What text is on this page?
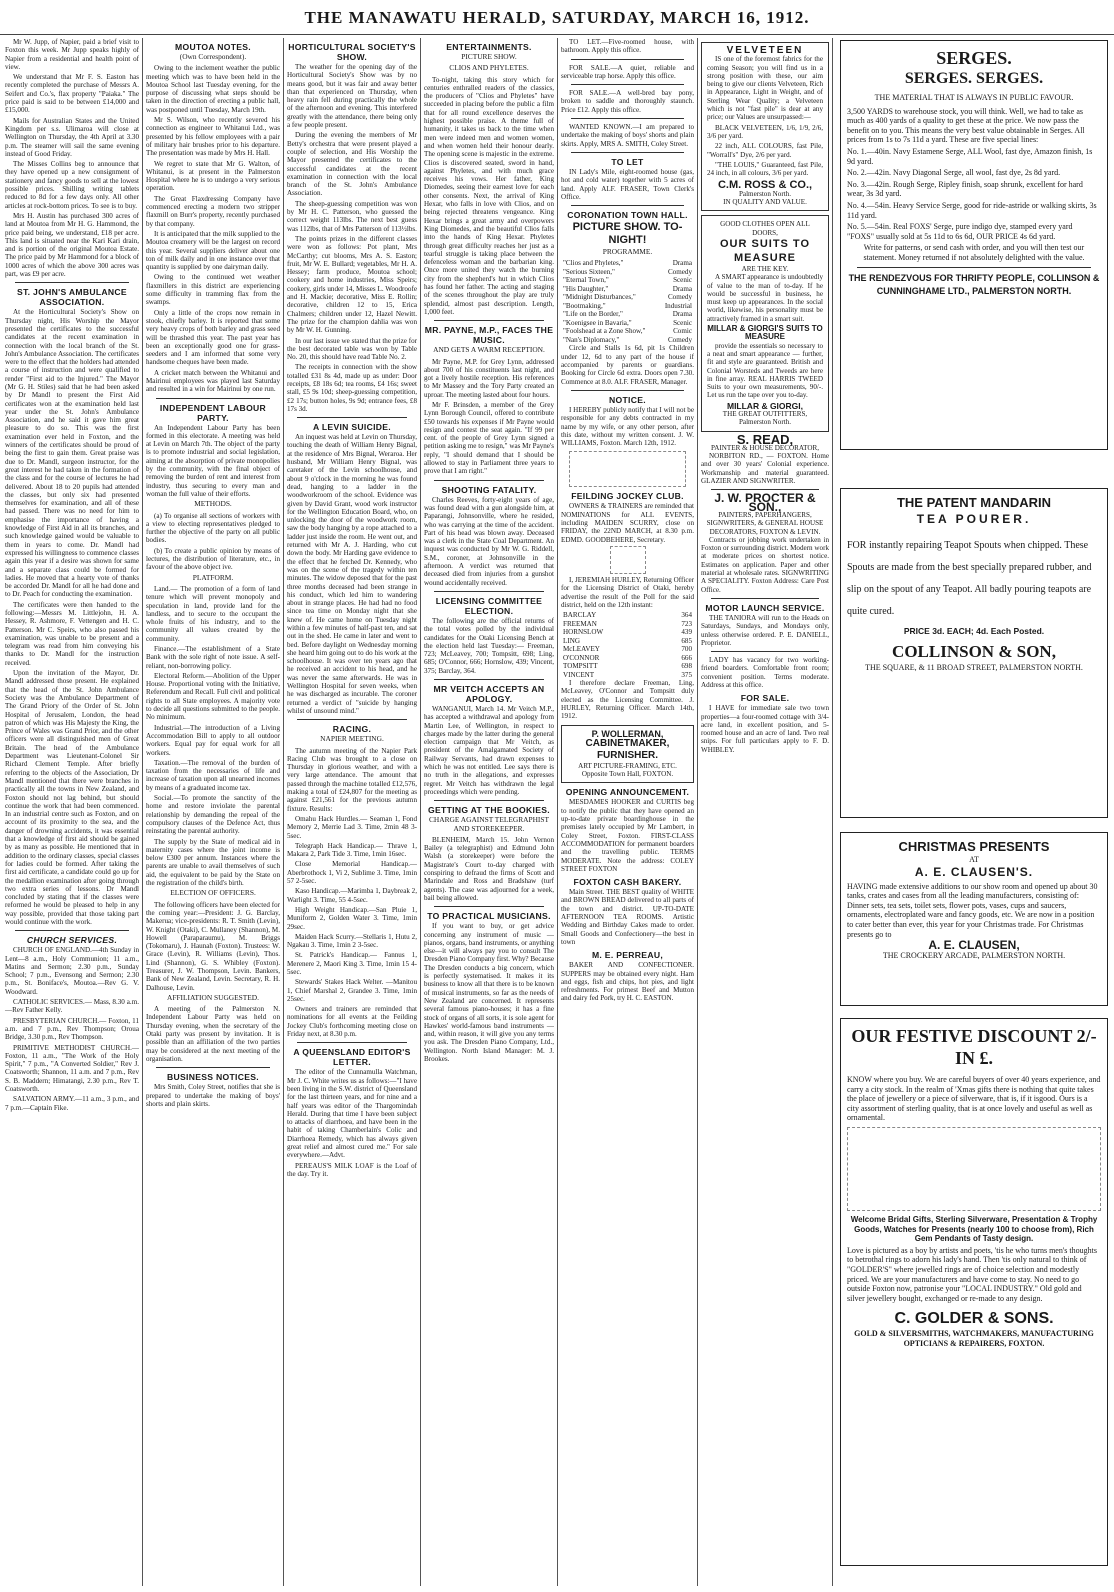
THE MANAWATU HERALD, SATURDAY, MARCH 16, 1912.

Mr W. Jupp, of Napier, paid a brief visit to Foxton this week. Mr Jupp speaks highly of Napier from a residential and health point of view.

We understand that Mr F. S. Easton has recently completed the purchase of Messrs A. Seifert and Co.'s, flax property "Paiaka." The price paid is said to be between £14,000 and £15,000.

Mails for Australian States and the United Kingdom per s.s. Ulimaroa will close at Wellington on Thursday, the 4th April at 3.30 p.m. The steamer will sail the same evening instead of Good Friday.

The Misses Collins beg to announce that they have opened up a new consignment of stationery and fancy goods to sell at the lowest possible prices. Shilling writing tablets reduced to 8d for a few days only. All other articles at rock-bottom prices. To see is to buy.

Mrs H. Austin has purchased 300 acres of land at Moutoa from Mr H. G. Hammond, the price paid being, we understand, £18 per acre. This land is situated near the Kari Kari drain, and is portion of the original Moutoa Estate. The price paid by Mr Hammond for a block of 1000 acres of which the above 300 acres was part, was £9 per acre.

ST. JOHN'S AMBULANCE ASSOCIATION.

At the Horticultural Society's Show on Thursday night, His Worship the Mayor presented the certificates to the successful candidates at the recent examination in connection with the local branch of the St. John's Ambulance Association. The certificates were to the effect that the holders had attended a course of instruction and were qualified to render "First aid to the Injured." The Mayor (Mr G. H. Stiles) said that he had been asked by Dr Mandl to present the First Aid certificates won at the examination held last year under the St. John's Ambulance Association, and he said it gave him great pleasure to do so. This was the first examination ever held in Foxton, and the winners of the certificates should be proud of being the first to gain them. Great praise was due to Dr. Mandl, surgeon instructor, for the great interest he had taken in the formation of the class and for the course of lectures he had delivered. About 18 to 20 pupils had attended the classes, but only six had presented themselves for examination, and all of these had passed. There was no need for him to emphasise the importance of having a knowledge of First Aid in all its branches, and such knowledge gained would be valuable to them in years to come. Dr. Mandl had expressed his willingness to commence classes again this year if a desire was shown for same and a separate class could be formed for ladies. He moved that a hearty vote of thanks be accorded Dr. Mandl for all he had done and to Dr. Peach for conducting the examination.

The certificates were then handed to the following:—Messrs M. Littlejohn, H. A. Hessey, R. Ashmore, F. Vettengen and H. C. Patterson. Mr C. Speirs, who also passed his examination, was unable to be present and a telegram was read from him conveying his thanks to Dr. Mandl for the instruction received.

Upon the invitation of the Mayor, Dr. Mandl addressed those present. He explained that the head of the St. John Ambulance Society was the Ambulance Department of The Grand Priory of the Order of St. John Hospital of Jerusalem, London, the head patron of which was His Majesty the King, the Prince of Wales was Grand Prior, and the other officers were all distinguished men of Great Britain. The head of the Ambulance Department was Lieutenant-Colonel Sir Richard Clement Temple. After briefly referring to the objects of the Association, Dr Mandl mentioned that there were branches in practically all the towns in New Zealand, and Foxton should not lag behind, but should continue the work that had been commenced. In an industrial centre such as Foxton, and on account of its proximity to the sea, and the danger of drowning accidents, it was essential that a knowledge of first aid should be gained by as many as possible. He mentioned that in addition to the ordinary classes, special classes for ladies could be formed. After taking the first aid certificate, a candidate could go up for the medallion examination after going through two extra series of lessons. Dr Mandl concluded by stating that if the classes were reformed he would be pleased to help in any way possible, provided that those taking part would continue with the work.

CHURCH SERVICES.

CHURCH OF ENGLAND.—4th Sunday in Lent—8 a.m., Holy Communion; 11 a.m., Matins and Sermon; 2.30 p.m., Sunday School; 7 p.m., Evensong and Sermon; 2.30 p.m., St. Boniface's, Moutoa.—Rev G. V. Woodward.

CATHOLIC SERVICES.— Mass, 8.30 a.m.—Rev Father Kelly.

PRESBYTERIAN CHURCH.— Foxton, 11 a.m. and 7 p.m., Rev Thompson; Oroua Bridge, 3.30 p.m., Rev Thompson.

PRIMITIVE METHODIST CHURCH.— Foxton, 11 a.m., "The Work of the Holy Spirit," 7 p.m., "A Converted Soldier," Rev J. Coatsworth; Shannon, 11 a.m. and 7 p.m., Rev S. B. Maddern; Himatangi, 2.30 p.m., Rev T. Coatsworth.

SALVATION ARMY.—11 a.m., 3 p.m., and 7 p.m.—Captain Fike.

MOUTOA NOTES.
(Own Correspondent).

Owing to the inclement weather the public meeting which was to have been held in the Moutoa School last Tuesday evening, for the purpose of discussing what steps should be taken in the direction of erecting a public hall, was postponed until Tuesday, March 19th.

Mr S. Wilson, who recently severed his connection as engineer to Whitanui Ltd., was presented by his fellow employees with a pair of military hair brushes prior to his departure. The presentation was made by Mrs H. Hall.

We regret to state that Mr G. Walton, of Whitanui, is at present in the Palmerston Hospital where he is to undergo a very serious operation.

The Great Flaxdressing Company have commenced erecting a modern two stripper flaxmill on Burr's property, recently purchased by that company.

It is anticipated that the milk supplied to the Moutoa creamery will be the largest on record this year. Several suppliers deliver about one ton of milk daily and in one instance over that quantity is supplied by one dairyman daily.

Owing to the continued wet weather flaxmillers in this district are experiencing some difficulty in tramming flax from the swamps.

Only a little of the crops now remain in stook, chiefly barley. It is reported that some very heavy crops of both barley and grass seed will be thrashed this year. The past year has been an exceptionally good one for grass-seeders and I am informed that some very handsome cheques have been made.

A cricket match between the Whitanui and Mairinui employees was played last Saturday and resulted in a win for Mairinui by one run.

INDEPENDENT LABOUR PARTY.

An Independent Labour Party has been formed in this electorate. A meeting was held at Levin on March 7th. The object of the party is to promote industrial and social legislation, aiming at the absorption of private monopolies by the community, with the final object of removing the burden of rent and interest from industry, thus securing to every man and woman the full value of their efforts.

METHODS.

(a) To organise all sections of workers with a view to electing representatives pledged to further the objective of the party on all public bodies.

(b) To create a public opinion by means of lectures, the distribution of literature, etc., in favour of the above object ive.

PLATFORM.

Land.— The promotion of a form of land tenure which will prevent monopoly and speculation in land, provide land for the landless, and to secure to the occupant the whole fruits of his industry, and to the community all values created by the community.

Finance.—The establishment of a State Bank with the sole right of note issue. A self-reliant, non-borrowing policy.

Electoral Reform.—Abolition of the Upper House. Proportional voting with the Initiative, Referendum and Recall. Full civil and political rights to all State employees. A majority vote to decide all questions submitted to the people. No minimum.

Industrial.—The introduction of a Living Accommodation Bill to apply to all outdoor workers. Equal pay for equal work for all workers.

Taxation.—The removal of the burden of taxation from the necessaries of life and increase of taxation upon all unearned incomes by means of a graduated income tax.

Social.—To promote the sanctity of the home and restore inviolate the parental relationship by demanding the repeal of the compulsory clauses of the Defence Act, thus reinstating the parental authority.

The supply by the State of medical aid in maternity cases where the joint income is below £300 per annum. Instances where the parents are unable to avail themselves of such aid, the equivalent to be paid by the State on the registration of the child's birth.

ELECTION OF OFFICERS.

The following officers have been elected for the coming year:—President: J. G. Barclay, Makerua; vice-presidents: R. T. Smith (Levin), W. Knight (Otaki), C. Mullaney (Shannon), M. Howell (Paraparaumu), M. Briggs (Tokomaru), J. Haunah (Foxton). Trustees: W. Grace (Levin), R. Williams (Levin), Thos. Lind (Shannon), G. S. Whibley (Foxton). Treasurer, J. W. Thompson, Levin. Bankers, Bank of New Zealand, Levin. Secretary, R. H. Dalhouse, Levin.

AFFILIATION SUGGESTED.

A meeting of the Palmerston N. Independent Labour Party was held on Thursday evening, when the secretary of the Otaki party was present by invitation. It is possible than an affiliation of the two parties may be considered at the next meeting of the organisation.

BUSINESS NOTICES.

Mrs Smith, Coley Street, notifies that she is prepared to undertake the making of boys' shorts and plain skirts.

HORTICULTURAL SOCIETY'S SHOW.

The weather for the opening day of the Horticultural Society's Show was by no means good, but it was fair and away better than that experienced on Thursday, when heavy rain fell during practically the whole of the afternoon and evening. This interfered greatly with the attendance, there being only a few people present.

During the evening the members of Mr Betty's orchestra that were present played a couple of selection, and His Worship the Mayor presented the certificates to the successful candidates at the recent examination in connection with the local branch of the St. John's Ambulance Association.

The sheep-guessing competition was won by Mr H. C. Patterson, who guessed the correct weight 113lbs. The next best guess was 112lbs, that of Mrs Patterson of 113½lbs.

The points prizes in the different classes were won as follows: Pot plant, Mrs McCarthy; cut blooms, Mrs A. S. Easton; fruit, Mr W. E. Bullard; vegetables, Mr H. A. Hessey; farm produce, Moutoa school; cookery and home industries, Miss Speirs; cookery, girls under 14, Misses L. Woodroofe and H. Mackie; decorative, Miss E. Rollin; decorative, children 12 to 15, Erica Chalmers; children under 12, Hazel Newitt. The prize for the champion dahlia was won by Mr W. H. Gunning.

In our last issue we stated that the prize for the best decorated table was won by Table No. 20, this should have read Table No. 2.

The receipts in connection with the show totalled £31 8s 4d, made up as under: Door receipts, £8 18s 6d; tea rooms, £4 16s; sweet stall, £5 9s 10d; sheep-guessing competition, £2 17s; button holes, 9s 9d; entrance fees, £8 17s 3d.

A LEVIN SUICIDE.

An inquest was held at Levin on Thursday, touching the death of William Henry Bignal, at the residence of Mrs Bignal, Weraroa. Her husband, Mr William Henry Bignal, was caretaker of the Levin schoolhouse, and about 9 o'clock in the morning he was found dead, hanging to a ladder in the woodworkroom of the school. Evidence was given by David Grant, wood work instructor for the Wellington Education Board, who, on unlocking the door of the woodwork room, saw the body hanging by a rope attached to a ladder just inside the room. He went out, and returned with Mr A. J. Harding, who cut down the body. Mr Harding gave evidence to the effect that he fetched Dr. Kennedy, who was on the scene of the tragedy within ten minutes. The widow deposed that for the past three months deceased had been strange in his conduct, which led him to wandering about in strange places. He had had no food since tea time on Monday night that she knew of. He came home on Tuesday night within a few minutes of half-past ten, and sat out in the shed. He came in later and went to bed. Before daylight on Wednesday morning she heard him going out to do his work at the schoolhouse. It was over ten years ago that he received an accident to his head, and he was never the same afterwards. He was in Wellington Hospital for seven weeks, when he was discharged as incurable. The coroner returned a verdict of "suicide by hanging whilst of unsound mind."

RACING.
NAPIER MEETING.

The autumn meeting of the Napier Park Racing Club was brought to a close on Thursday in glorious weather, and with a very large attendance. The amount that passed through the machine totalled £12,576, making a total of £24,807 for the meeting as against £21,561 for the previous autumn fixture. Results:

Omahu Hack Hurdles.— Seaman 1, Fond Memory 2, Merrie Lad 3. Time, 2min 48 3-5sec.

Telegraph Hack Handicap.— Thrave 1, Makara 2, Park Tide 3. Time, 1min 16sec.

Close Memorial Handicap.— Aberbrothock 1, Vi 2, Sublime 3. Time, 1min 57 2-5sec.

Kaso Handicap.—Marimba 1, Daybreak 2, Warlight 3. Time, 55 4-5sec.

High Weight Handicap.—San Pluie 1, Muniform 2, Golden Water 3. Time, 1min 29sec.

Maiden Hack Scurry.—Stellaris 1, Hutu 2, Ngakau 3. Time, 1min 2 3-5sec.

St. Patrick's Handicap.— Fannus 1, Merenere 2, Maori King 3. Time, 1min 15 4-5sec.

Stewards' Stakes Hack Welter. —Manitou 1, Chief Marshal 2, Grandee 3. Time, 1min 25sec.

Owners and trainers are reminded that nominations for all events at the Feilding Jockey Club's forthcoming meeting close on Friday next, at 8.30 p.m.

A QUEENSLAND EDITOR'S LETTER.

The editor of the Cunnamulla Watchman, Mr J. C. White writes us as follows:—"I have been living in the S.W. district of Queensland for the last thirteen years, and for nine and a half years was editor of the Thargomindah Herald. During that time I have been subject to attacks of diarrhoea, and have been in the habit of taking Chamberlain's Colic and Diarrhoea Remedy, which has always given great relief and almost cured me." For sale everywhere.—Advt.

PEREAUS'S MILK LOAF is the Loaf of the day. Try it.

ENTERTAINMENTS.
PICTURE SHOW.
CLIOS AND PHYLETES.

To-night, taking this story which for centuries enthralled readers of the classics, the producers of "Clios and Phyletes" have succeeded in placing before the public a film that for all round excellence deserves the highest possible praise. A theme full of humanity, it takes us back to the time when men were indeed men and women women, and when women held their honour dearly. The opening scene is majestic in the extreme. Clios is discovered seated, sword in hand, against Phyletes, and with much grace receives his vows. Her father, King Diomedes, seeing their earnest love for each other consents. Next, the arrival of King Hexar, who falls in love with Clios, and on being rejected threatens vengeance. King Hexar brings a great army and overpowers King Diomedes, and the beautiful Clios falls into the hands of King Hexar. Phyletes through great difficulty reaches her just as a tearful struggle is taking place between the defenceless woman and the barbarian king. Once more united they watch the burning city from the shepherd's hut in which Clios has found her father. The acting and staging of the scenes throughout the play are truly splendid, almost past description. Length, 1,000 feet.

MR. PAYNE, M.P., FACES THE MUSIC.
AND GETS A WARM RECEPTION.

Mr Payne, M.P. for Grey Lynn, addressed about 700 of his constituents last night, and got a lively hostile reception. His references to Mr Massey and the Tory Party created an uproar. The meeting lasted about four hours.

Mr F. Brinsden, a member of the Grey Lynn Borough Council, offered to contribute £50 towards his expenses if Mr Payne would resign and contest the seat again. "If 99 per cent. of the people of Grey Lynn signed a petition asking me to resign," was Mr Payne's reply, "I should demand that I should be allowed to stay in Parliament three years to prove that I am right."

SHOOTING FATALITY.

Charles Reeves, forty-eight years of age, was found dead with a gun alongside him, at Paparangi, Johnsonville, where he resided, who was carrying at the time of the accident. Part of his head was blown away. Deceased was a clerk in the State Coal Department. An inquest was conducted by Mr W. G. Riddell, S.M., coroner, at Johnsonville in the afternoon. A verdict was returned that deceased died from injuries from a gunshot wound accidentally received.

LICENSING COMMITTEE ELECTION.

The following are the official returns of the total votes polled by the individual candidates for the Otaki Licensing Bench at the election held last Tuesday:— Freeman, 723; McLeavey, 700; Tompsitt, 698; Ling, 685; O'Connor, 666; Hornslow, 439; Vincent, 375; Barclay, 364.

MR VEITCH ACCEPTS AN APOLOGY.

WANGANUI, March 14. Mr Veitch M.P., has accepted a withdrawal and apology from Martin Lee, of Wellington, in respect to charges made by the latter during the general election campaign that Mr Veitch, as president of the Amalgamated Society of Railway Servants, had drawn expenses to which he was not entitled. Lee says there is no truth in the allegations, and expresses regret. Mr Veitch has withdrawn the legal proceedings which were pending.

GETTING AT THE BOOKIES.
CHARGE AGAINST TELEGRAPHIST AND STOREKEEPER.

BLENHEIM, March 15. John Vernon Bailey (a telegraphist) and Edmund John Walsh (a storekeeper) were before the Magistrate's Court to-day charged with conspiring to defraud the firms of Scott and Marindale and Ross and Bradshaw (turf agents). The case was adjourned for a week, bail being allowed.

TO PRACTICAL MUSICIANS.

If you want to buy, or get advice concerning any instrument of music —pianos, organs, band instruments, or anything else—it will always pay you to consult The Dresden Piano Company first. Why? Because The Dresden conducts a big concern, which is perfectly systematised. It makes it its business to know all that there is to be known of musical instruments, so far as the needs of New Zealand are concerned. It represents several famous piano-houses; it has a fine stock of organs of all sorts, it is sole agent for Hawkes' world-famous band instruments — and, within reason, it will give you any terms you ask. The Dresden Piano Company, Ltd., Wellington. North Island Manager: M. J. Brookes.

TO LET.—Five-roomed house, with bathroom. Apply this office.

FOR SALE.—A quiet, reliable and serviceable trap horse. Apply this office.

FOR SALE.—A well-bred bay pony, broken to saddle and thoroughly staunch. Price £12. Apply this office.

WANTED KNOWN.—I am prepared to undertake the making of boys' shorts and plain skirts. Apply, MRS A. SMITH, Coley Street.

TO LET

IN Lady's Mile, eight-roomed house (gas, hot and cold water) together with 5 acres of land. Apply ALF. FRASER, Town Clerk's Office.

CORONATION TOWN HALL.
PICTURE SHOW. TO-NIGHT!
PROGRAMME.
"Clios and Phyletes,"	Drama
"Serious Sixteen,"	Comedy
"Eternal Town,"	Scenic
"His Daughter,"	Drama
"Midnight Disturbances,"	Comedy
"Bootmaking,"	Industrial
"Life on the Border,"	Drama
"Koenigsee in Bavaria,"	Scenic
"Foolshead at a Zone Show,"	Comic
"Nan's Diplomacy,"	Comedy

Circle and Stalls 1s 6d, pit 1s Children under 12, 6d to any part of the house if accompanied by parents or guardians. Booking for Circle 6d extra. Doors open 7.30. Commence at 8.0. ALF. FRASER, Manager.

NOTICE.

I HEREBY publicly notify that I will not be responsible for any debts contracted in my name by my wife, or any other person, after this date, without my written consent. J. W. WILLIAMS, Foxton. March 12th, 1912.

FEILDING JOCKEY CLUB.

OWNERS & TRAINERS are reminded that NOMINATIONS for ALL EVENTS, including MAIDEN SCURRY, close on FRIDAY, the 22ND MARCH, at 8.30 p.m. EDMD. GOODBEHERE, Secretary.

I, JEREMIAH HURLEY, Returning Officer for the Licensing District of Otaki, hereby advertise the result of the Poll for the said district, held on the 12th instant:

BARCLAY	364
FREEMAN	723
HORNSLOW	439
LING	685
McLEAVEY	700
O'CONNOR	666
TOMPSITT	698
VINCENT	375

I therefore declare Freeman, Ling, McLeavey, O'Connor and Tompsitt duly elected as the Licensing Committee. J. HURLEY, Returning Officer. March 14th, 1912.

P. WOLLERMAN,
CABINETMAKER, FURNISHER.
ART PICTURE-FRAMING, ETC. Opposite Town Hall, FOXTON.
OPENING ANNOUNCEMENT.

MESDAMES HOOKER and CURTIS beg to notify the public that they have opened an up-to-date private boardinghouse in the premises lately occupied by Mr Lambert, in Coley Street, Foxton. FIRST-CLASS ACCOMMODATION for permanent boarders and the travelling public. TERMS MODERATE. Note the address: COLEY STREET FOXTON

FOXTON CASH BAKERY.

Main Street. THE BEST quality of WHITE and BROWN BREAD delivered to all parts of the town and district. UP-TO-DATE AFTERNOON TEA ROOMS. Artistic Wedding and Birthday Cakes made to order. Small Goods and Confectionery—the best in town

M. E. PERREAU,

BAKER AND CONFECTIONER. SUPPERS may be obtained every night. Ham and eggs, fish and chips, hot pies, and light refreshments. For primest Beef and Mutton and dairy fed Pork, try H. C. EASTON.

VELVETEEN

IS one of the foremost fabrics for the coming Season; you will find us in a strong position with these, our aim being to give our clients Velveteen, Rich in Appearance, Light in Weight, and of Sterling Wear Quality; a Velveteen which is not "fast pile" is dear at any price; our Values are unsurpassed:—

BLACK VELVETEEN, 1/6, 1/9, 2/6, 3/6 per yard.

22 inch, ALL COLOURS, fast Pile, "Worrall's" Dye, 2/6 per yard.

"THE LOUIS," Guaranteed, fast Pile, 24 inch, in all colours, 3/6 per yard.

C.M. ROSS & CO.,
Palmerston North.
IN QUALITY AND VALUE.
GOOD CLOTHES OPEN ALL DOORS,
OUR SUITS TO MEASURE
ARE THE KEY.

A SMART appearance is undoubtedly of value to the man of to-day. If he would be successful in business, he must keep up appearances. In the social world, likewise, his personality must be attractively framed in a smart suit.

MILLAR & GIORGI'S SUITS TO MEASURE

provide the essentials so necessary to a neat and smart appearance — further, fit and style are guaranteed. British and Colonial Worsteds and Tweeds are here in fine array. REAL HARRIS TWEED Suits to your own measurements, 90/-. Let us run the tape over you to-day.

MILLAR & GIORGI,
THE GREAT OUTFITTERS, Palmerston North.
S. READ,
PAINTER & HOUSE DECORATOR,

NORBITON RD., — FOXTON. Home and over 30 years' Colonial experience. Workmanship and material guaranteed. GLAZIER AND SIGNWRITER.

J. W. PROCTER & SON.,
PAINTERS, PAPERHANGERS, SIGNWRITERS, & GENERAL HOUSE DECORATORS, FOXTON & LEVIN.

Contracts or jobbing work undertaken in Foxton or surrounding district. Modern work at moderate prices on shortest notice. Estimates on application. Paper and other material at wholesale rates. SIGNWRITING A SPECIALITY. Foxton Address: Care Post Office.

MOTOR LAUNCH SERVICE.

THE TANIORA will run to the Heads on Saturdays, Sundays, and Mondays only, unless otherwise ordered. P. E. DANIELL, Proprietor.

LADY has vacancy for two working-friend boarders. Comfortable front room; convenient position. Terms moderate. Address at this office.

FOR SALE.

I HAVE for immediate sale two town properties—a four-roomed cottage with 3/4-acre land, in excellent position, and 5-roomed house and an acre of land. Two real snips. For full particulars apply to F. D. WHIBLEY.

SERGES.
SERGES. SERGES.
THE MATERIAL THAT IS ALWAYS IN PUBLIC FAVOUR.

3,500 YARDS to warehouse stock, you will think. Well, we had to take as much as 400 yards of a quality to get these at the price. We now pass the benefit on to you. This means the very best value obtainable in Serges. All prices from 1s to 7s 11d a yard. These are five special lines:

No. 1.—40in. Navy Estamene Serge, ALL Wool, fast dye, Amazon finish, 1s 9d yard.

No. 2.—42in. Navy Diagonal Serge, all wool, fast dye, 2s 8d yard.

No. 3.—42in. Rough Serge, Ripley finish, soap shrunk, excellent for hard wear, 3s 3d yard.

No. 4.—54in. Heavy Service Serge, good for ride-astride or walking skirts, 3s 11d yard.

No. 5.—54in. Real FOXS' Serge, pure indigo dye, stamped every yard "FOXS" usually sold at 5s 11d to 6s 6d, OUR PRICE 4s 6d yard.

Write for patterns, or send cash with order, and you will then test our statement. Money returned if not absolutely delighted with the value.

THE RENDEZVOUS FOR THRIFTY PEOPLE, COLLINSON & CUNNINGHAME LTD., PALMERSTON NORTH.
THE PATENT MANDARIN
TEA POURER.

FOR instantly repairing Teapot Spouts when chipped. These Spouts are made from the best specially prepared rubber, and slip on the spout of any Teapot. All badly pouring teapots are quite cured.

PRICE 3d. EACH; 4d. Each Posted.
COLLINSON & SON,
THE SQUARE, & 11 BROAD STREET, PALMERSTON NORTH.
CHRISTMAS PRESENTS
AT
A. E. CLAUSEN'S.

HAVING made extensive additions to our show room and opened up about 30 tanks, crates and cases from all the leading manufacturers, consisting of: Dinner sets, tea sets, toilet sets, flower pots, vases, cups and saucers, ornaments, electroplated ware and fancy goods, etc. We are now in a position to cater better than ever, this year for your Christmas trade. For Christmas presents go to

A. E. CLAUSEN,
THE CROCKERY ARCADE, PALMERSTON NORTH.
OUR FESTIVE DISCOUNT 2/- IN £.

KNOW where you buy. We are careful buyers of over 40 years experience, and carry a city stock. In the realm of 'Xmas gifts there is nothing that quite takes the place of jewellery or a piece of silverware, that is, if it isgood. Ours is a city assortment of sterling quality, that is at once lovely and useful as well as ornamental.

Welcome Bridal Gifts, Sterling Silverware, Presentation & Trophy Goods, Watches for Presents (nearly 100 to choose from), Rich Gem Pendants of Tasty design.

Love is pictured as a boy by artists and poets, 'tis he who turns men's thoughts to betrothal rings to adorn his lady's hand. Then 'tis only natural to think of "GOLDER'S" where jewelled rings are of choice selection and modestly priced. We are your manufacturers and have come to stay. No need to go outside Foxton now, patronise your "LOCAL INDUSTRY." Old gold and silver jewellery bought, exchanged or re-made to any design.

C. GOLDER & SONS.
GOLD & SILVERSMITHS, WATCHMAKERS, MANUFACTURING OPTICIANS & REPAIRERS, FOXTON.
